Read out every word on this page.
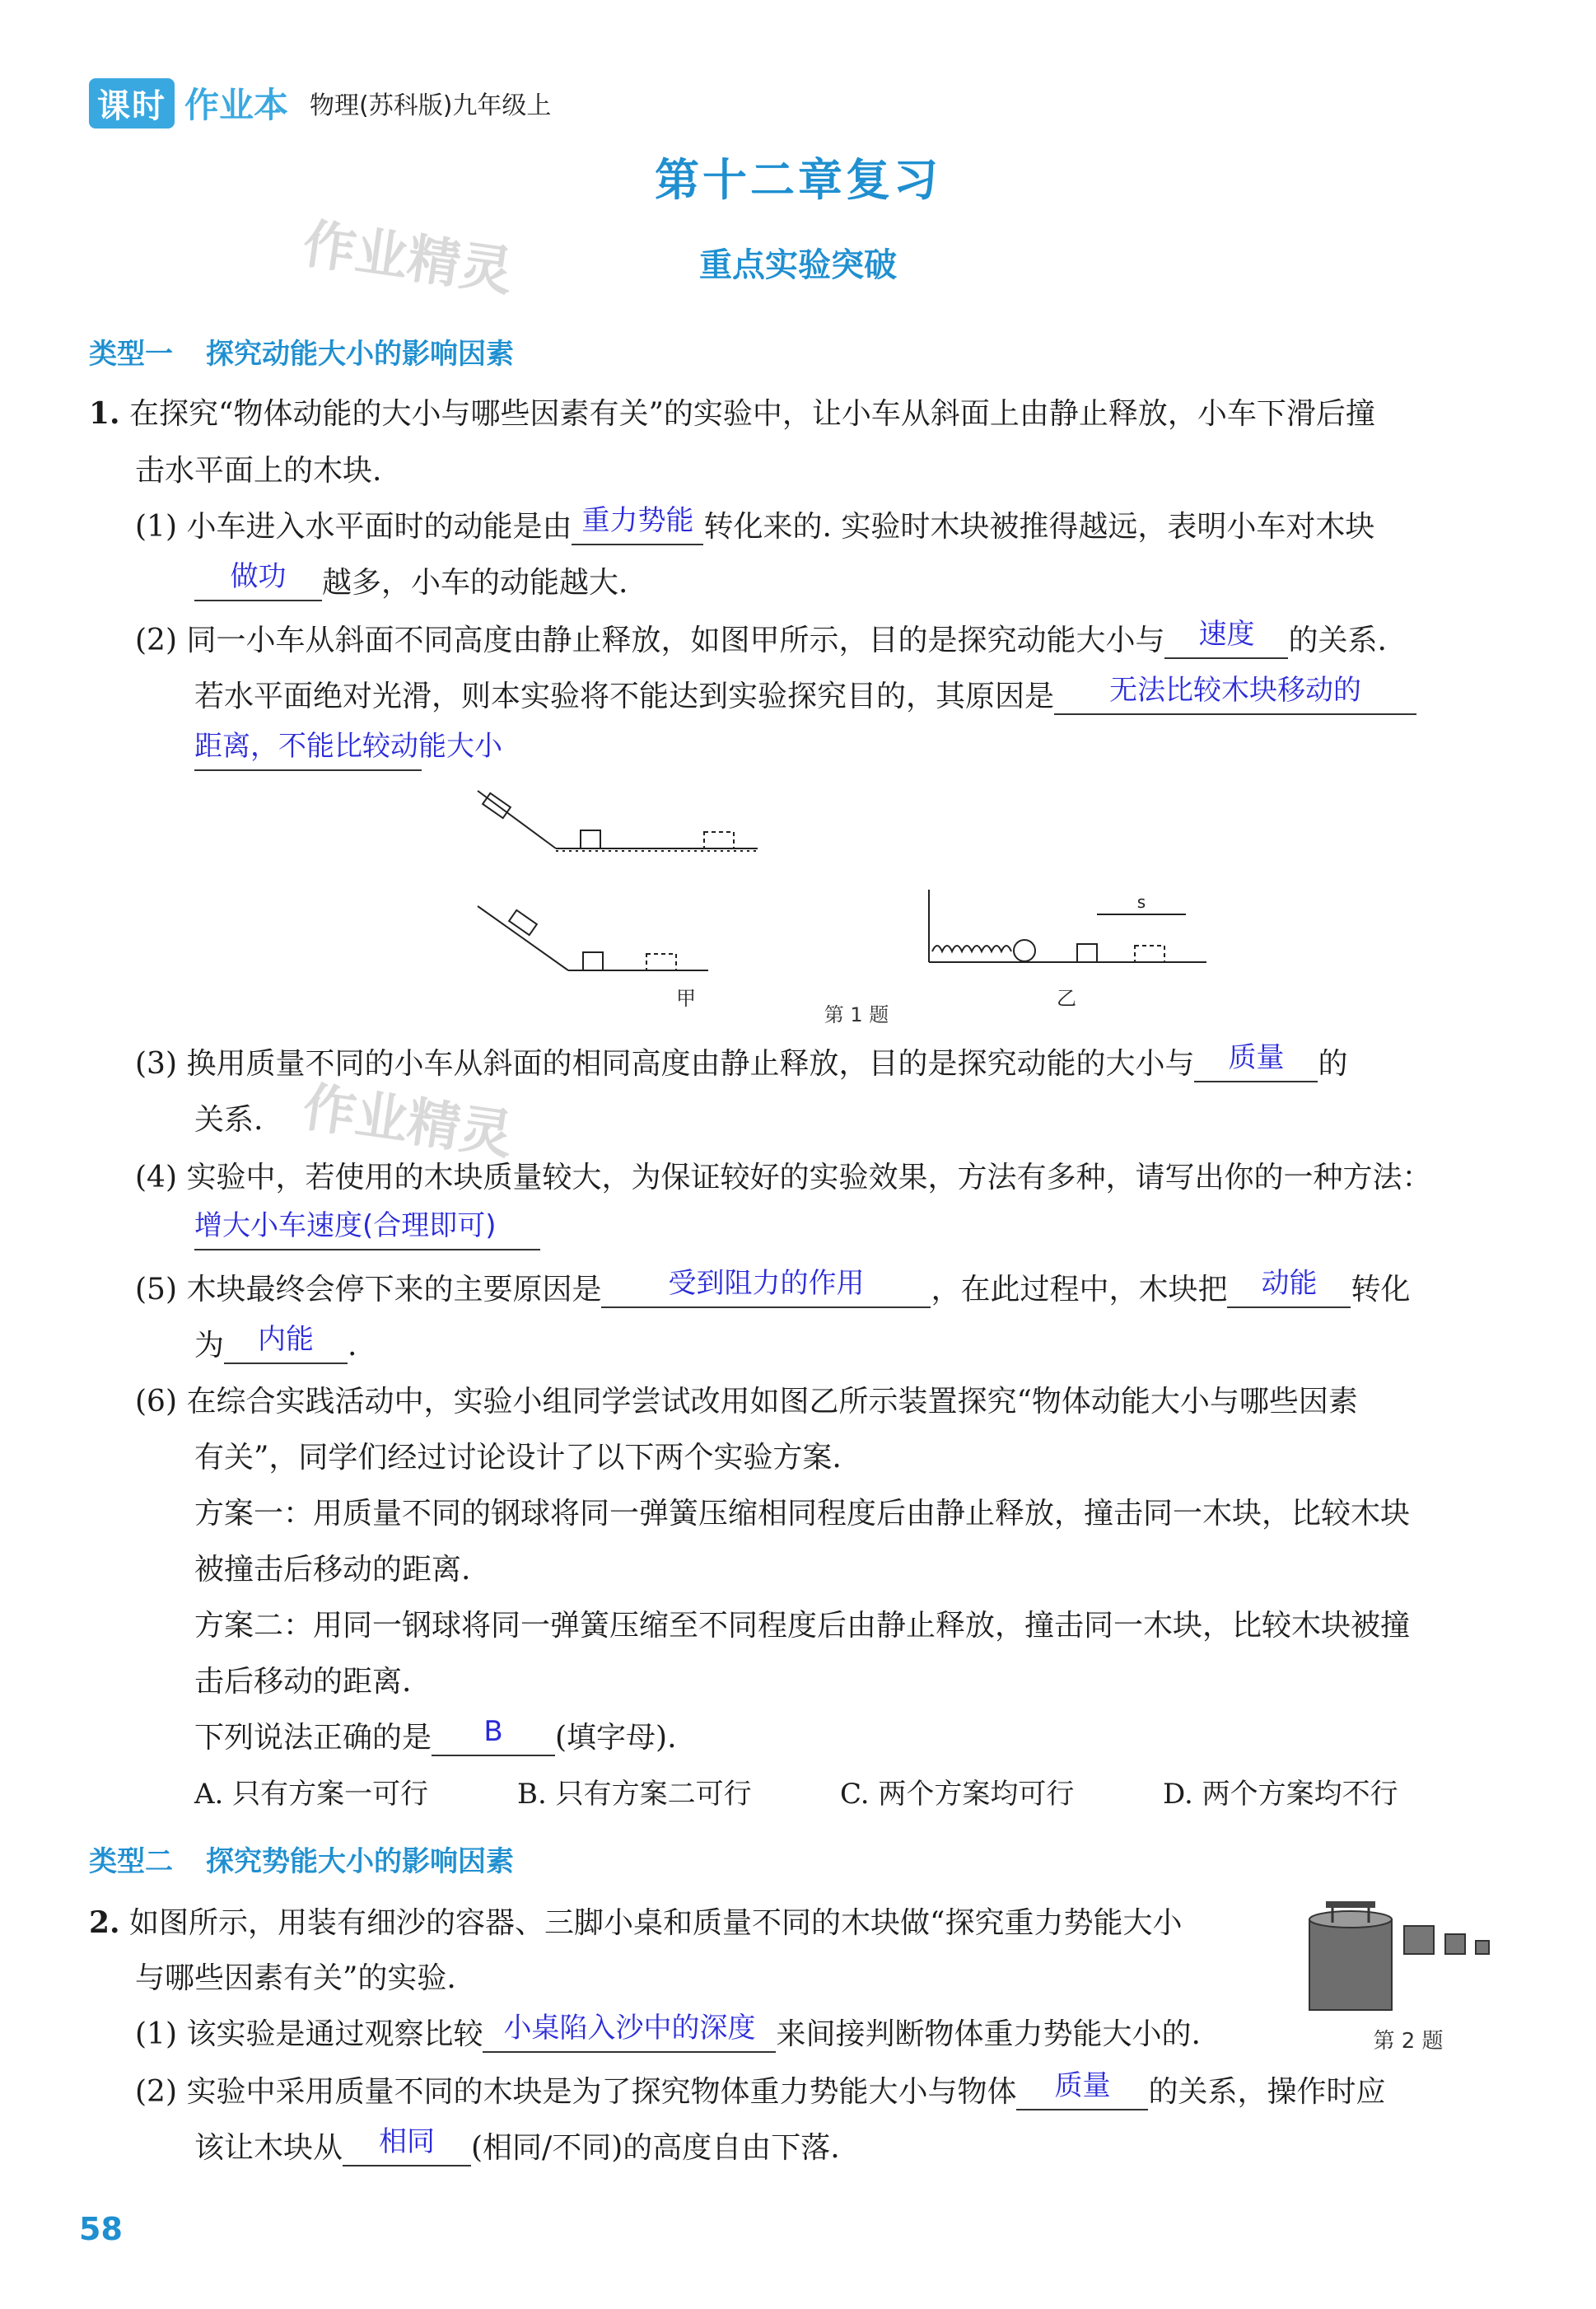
课时 作业本 物理(苏科版)九年级上
第十二章复习
作业精灵	重点实验突破
类型一 探究动能大小的影响因素
1. 在探究“物体动能的大小与哪些因素有关”的实验中，让小车从斜面上由静止释放，小车下滑后撞
击水平面上的木块.
(1) 小车进入水平面时的动能是由 重力势能 转化来的. 实验时木块被推得越远，表明小车对木块
做功 越多，小车的动能越大.
(2) 同一小车从斜面不同高度由静止释放，如图甲所示，目的是探究动能大小与 速度 的关系.
若水平面绝对光滑，则本实验将不能达到实验探究目的，其原因是 无法比较木块移动的
距离，不能比较动能大小
甲	乙
s
第 1 题
(3) 换用质量不同的小车从斜面的相同高度由静止释放，目的是探究动能的大小与 质量 的
关系. 作业精灵
(4) 实验中，若使用的木块质量较大，为保证较好的实验效果，方法有多种，请写出你的一种方法：
增大小车速度(合理即可)
(5) 木块最终会停下来的主要原因是 受到阻力的作用 ，在此过程中，木块把 动能 转化
为 内能 .
(6) 在综合实践活动中，实验小组同学尝试改用如图乙所示装置探究“物体动能大小与哪些因素
有关”，同学们经过讨论设计了以下两个实验方案.
方案一：用质量不同的钢球将同一弹簧压缩相同程度后由静止释放，撞击同一木块，比较木块
被撞击后移动的距离.
方案二：用同一钢球将同一弹簧压缩至不同程度后由静止释放，撞击同一木块，比较木块被撞
击后移动的距离.
下列说法正确的是 B (填字母).
A. 只有方案一可行	B. 只有方案二可行	C. 两个方案均可行	D. 两个方案均不行
类型二 探究势能大小的影响因素
2. 如图所示，用装有细沙的容器、三脚小桌和质量不同的木块做“探究重力势能大小
与哪些因素有关”的实验.
第 2 题
(1) 该实验是通过观察比较 小桌陷入沙中的深度 来间接判断物体重力势能大小的.
(2) 实验中采用质量不同的木块是为了探究物体重力势能大小与物体 质量 的关系，操作时应
该让木块从 相同 (相同/不同)的高度自由下落.
58
